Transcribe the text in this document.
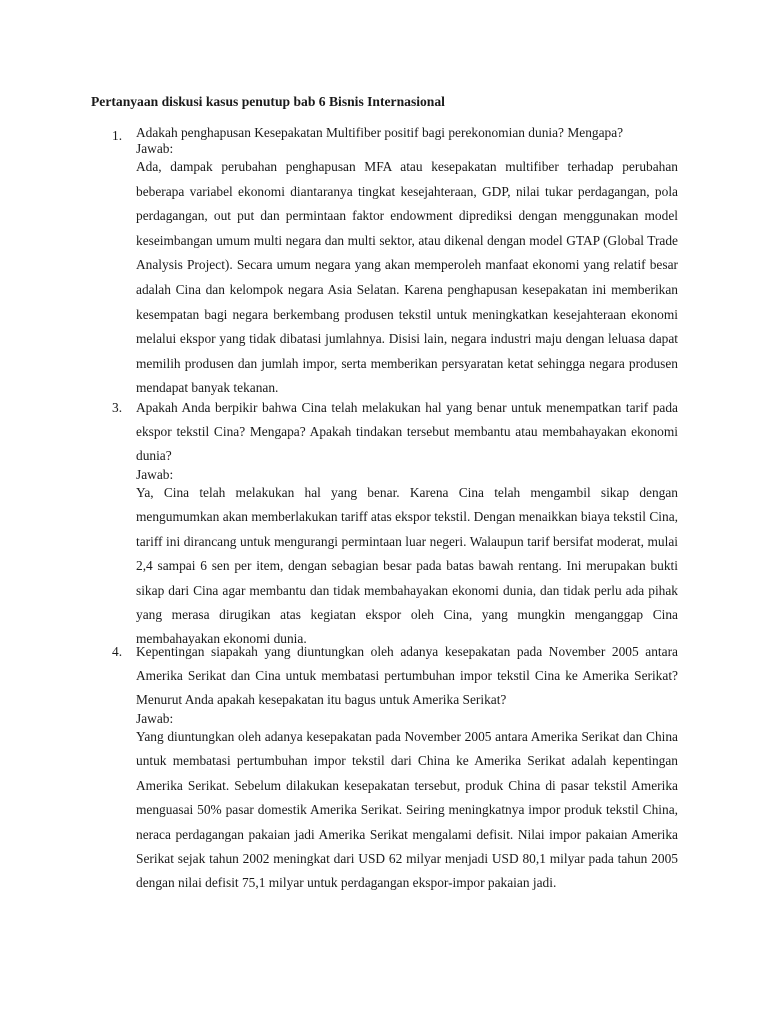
Pertanyaan diskusi kasus penutup bab 6 Bisnis Internasional
1. Adakah penghapusan Kesepakatan Multifiber positif bagi perekonomian dunia? Mengapa?

Jawab:

Ada, dampak perubahan penghapusan MFA atau kesepakatan multifiber terhadap perubahan beberapa variabel ekonomi diantaranya tingkat kesejahteraan, GDP, nilai tukar perdagangan, pola perdagangan, out put dan permintaan faktor endowment diprediksi dengan menggunakan model keseimbangan umum multi negara dan multi sektor, atau dikenal dengan model GTAP (Global Trade Analysis Project). Secara umum negara yang akan memperoleh manfaat ekonomi yang relatif besar adalah Cina dan kelompok negara Asia Selatan. Karena penghapusan kesepakatan ini memberikan kesempatan bagi negara berkembang produsen tekstil untuk meningkatkan kesejahteraan ekonomi melalui ekspor yang tidak dibatasi jumlahnya. Disisi lain, negara industri maju dengan leluasa dapat memilih produsen dan jumlah impor, serta memberikan persyaratan ketat sehingga negara produsen mendapat banyak tekanan.

3. Apakah Anda berpikir bahwa Cina telah melakukan hal yang benar untuk menempatkan tarif pada ekspor tekstil Cina? Mengapa? Apakah tindakan tersebut membantu atau membahayakan ekonomi dunia?

Jawab:

Ya, Cina telah melakukan hal yang benar. Karena Cina telah mengambil sikap dengan mengumumkan akan memberlakukan tariff atas ekspor tekstil. Dengan menaikkan biaya tekstil Cina, tariff ini dirancang untuk mengurangi permintaan luar negeri. Walaupun tarif bersifat moderat, mulai 2,4 sampai 6 sen per item, dengan sebagian besar pada batas bawah rentang. Ini merupakan bukti sikap dari Cina agar membantu dan tidak membahayakan ekonomi dunia, dan tidak perlu ada pihak yang merasa dirugikan atas kegiatan ekspor oleh Cina, yang mungkin menganggap Cina membahayakan ekonomi dunia.

4. Kepentingan siapakah yang diuntungkan oleh adanya kesepakatan pada November 2005 antara Amerika Serikat dan Cina untuk membatasi pertumbuhan impor tekstil Cina ke Amerika Serikat? Menurut Anda apakah kesepakatan itu bagus untuk Amerika Serikat?

Jawab:

Yang diuntungkan oleh adanya kesepakatan pada November 2005 antara Amerika Serikat dan China untuk membatasi pertumbuhan impor tekstil dari China ke Amerika Serikat adalah kepentingan Amerika Serikat. Sebelum dilakukan kesepakatan tersebut, produk China di pasar tekstil Amerika menguasai 50% pasar domestik Amerika Serikat. Seiring meningkatnya impor produk tekstil China, neraca perdagangan pakaian jadi Amerika Serikat mengalami defisit. Nilai impor pakaian Amerika Serikat sejak tahun 2002 meningkat dari USD 62 milyar menjadi USD 80,1 milyar pada tahun 2005 dengan nilai defisit 75,1 milyar untuk perdagangan ekspor-impor pakaian jadi.
